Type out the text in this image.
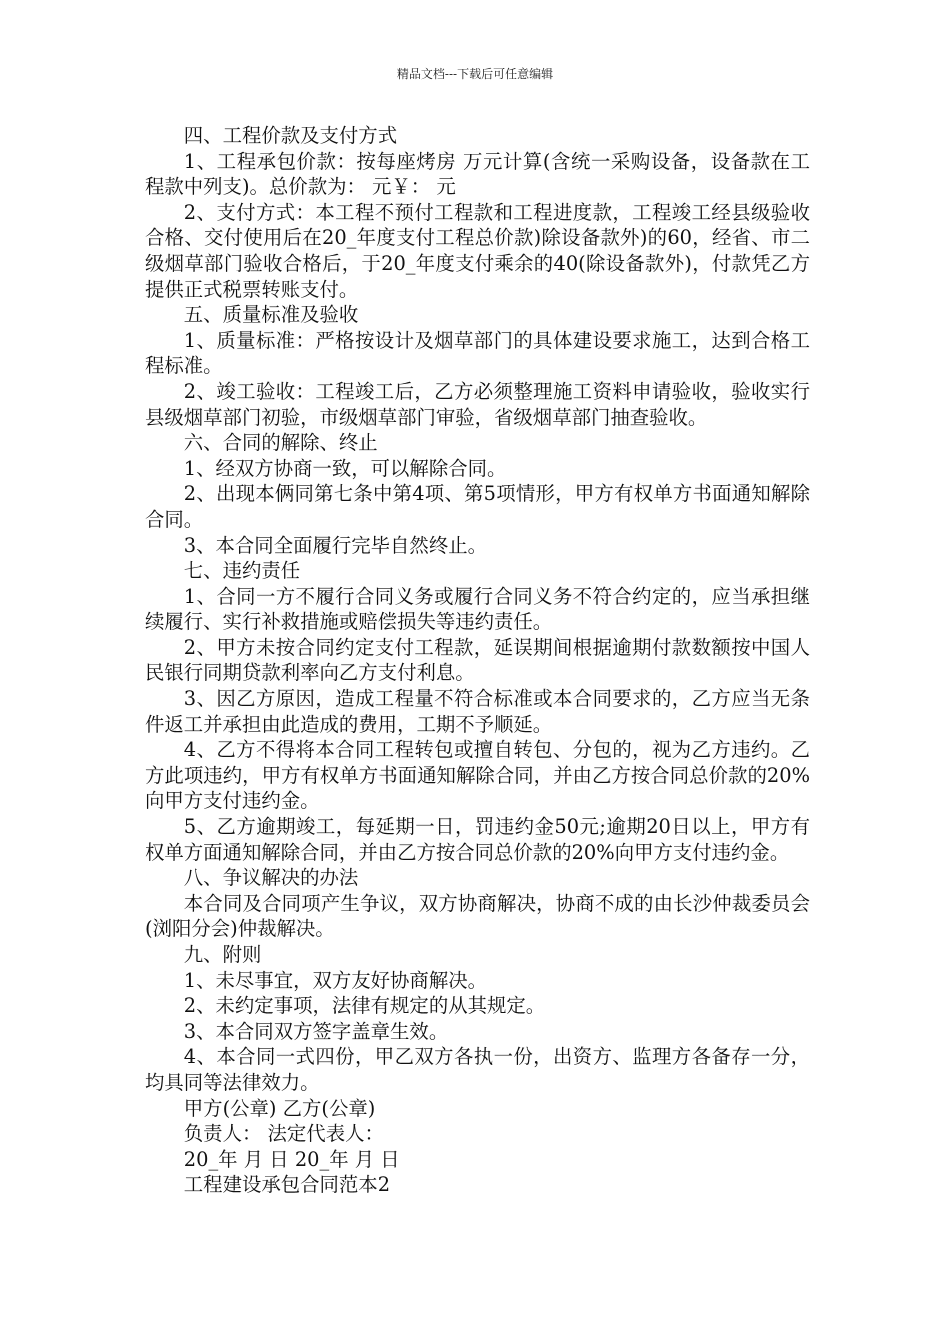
精品文档---下载后可任意编辑

四、工程价款及支付方式

1、工程承包价款：按每座烤房 万元计算(含统一采购设备，设备款在工程款中列支)。总价款为： 元￥： 元

2、支付方式：本工程不预付工程款和工程进度款，工程竣工经县级验收合格、交付使用后在20_年度支付工程总价款)除设备款外)的60，经省、市二级烟草部门验收合格后，于20_年度支付乘余的40(除设备款外)，付款凭乙方提供正式税票转账支付。

五、质量标准及验收

1、质量标准：严格按设计及烟草部门的具体建设要求施工，达到合格工程标准。

2、竣工验收：工程竣工后，乙方必须整理施工资料申请验收，验收实行县级烟草部门初验，市级烟草部门审验，省级烟草部门抽查验收。

六、合同的解除、终止

1、经双方协商一致，可以解除合同。

2、出现本俩同第七条中第4项、第5项情形，甲方有权单方书面通知解除合同。

3、本合同全面履行完毕自然终止。

七、违约责任

1、合同一方不履行合同义务或履行合同义务不符合约定的，应当承担继续履行、实行补救措施或赔偿损失等违约责任。

2、甲方未按合同约定支付工程款，延误期间根据逾期付款数额按中国人民银行同期贷款利率向乙方支付利息。

3、因乙方原因，造成工程量不符合标准或本合同要求的，乙方应当无条件返工并承担由此造成的费用，工期不予顺延。

4、乙方不得将本合同工程转包或擅自转包、分包的，视为乙方违约。乙方此项违约，甲方有权单方书面通知解除合同，并由乙方按合同总价款的20%向甲方支付违约金。

5、乙方逾期竣工，每延期一日，罚违约金50元;逾期20日以上，甲方有权单方面通知解除合同，并由乙方按合同总价款的20%向甲方支付违约金。

八、争议解决的办法

本合同及合同项产生争议，双方协商解决，协商不成的由长沙仲裁委员会(浏阳分会)仲裁解决。

九、附则

1、未尽事宜，双方友好协商解决。

2、未约定事项，法律有规定的从其规定。

3、本合同双方签字盖章生效。

4、本合同一式四份，甲乙双方各执一份，出资方、监理方各备存一分，均具同等法律效力。

甲方(公章) 乙方(公章)

负责人： 法定代表人：

20_年 月 日 20_年 月 日

工程建设承包合同范本2
